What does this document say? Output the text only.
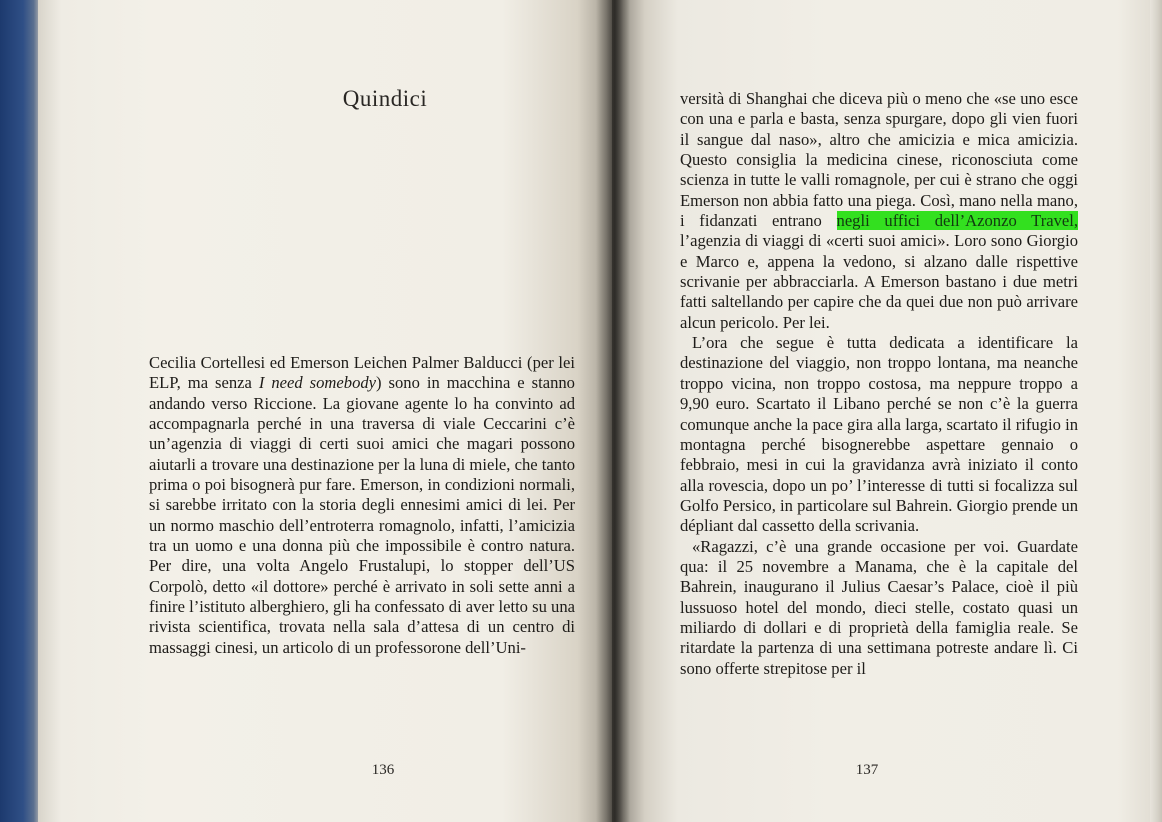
Quindici

Cecilia Cortellesi ed Emerson Leichen Palmer Balducci (per lei ELP, ma senza I need somebody) sono in macchina e stanno andando verso Riccione. La giovane agente lo ha convinto ad accompagnarla perché in una traversa di viale Ceccarini c’è un’agenzia di viaggi di certi suoi amici che magari possono aiutarli a trovare una destinazione per la luna di miele, che tanto prima o poi bisognerà pur fare. Emerson, in condizioni normali, si sarebbe irritato con la storia degli ennesimi amici di lei. Per un normo maschio dell’entroterra romagnolo, infatti, l’amicizia tra un uomo e una donna più che impossibile è contro natura. Per dire, una volta Angelo Frustalupi, lo stopper dell’US Corpolò, detto «il dottore» perché è arrivato in soli sette anni a finire l’istituto alberghiero, gli ha confessato di aver letto su una rivista scientifica, trovata nella sala d’attesa di un centro di massaggi cinesi, un articolo di un professorone dell’Uni-

136

versità di Shanghai che diceva più o meno che «se uno esce con una e parla e basta, senza spurgare, dopo gli vien fuori il sangue dal naso», altro che amicizia e mica amicizia. Questo consiglia la medicina cinese, riconosciuta come scienza in tutte le valli romagnole, per cui è strano che oggi Emerson non abbia fatto una piega. Così, mano nella mano, i fidanzati entrano negli uffici dell’Azonzo Travel, l’agenzia di viaggi di «certi suoi amici». Loro sono Giorgio e Marco e, appena la vedono, si alzano dalle rispettive scrivanie per abbracciarla. A Emerson bastano i due metri fatti saltellando per capire che da quei due non può arrivare alcun pericolo. Per lei.

L’ora che segue è tutta dedicata a identificare la destinazione del viaggio, non troppo lontana, ma neanche troppo vicina, non troppo costosa, ma neppure troppo a 9,90 euro. Scartato il Libano perché se non c’è la guerra comunque anche la pace gira alla larga, scartato il rifugio in montagna perché bisognerebbe aspettare gennaio o febbraio, mesi in cui la gravidanza avrà iniziato il conto alla rovescia, dopo un po’ l’interesse di tutti si focalizza sul Golfo Persico, in particolare sul Bahrein. Giorgio prende un dépliant dal cassetto della scrivania.

«Ragazzi, c’è una grande occasione per voi. Guardate qua: il 25 novembre a Manama, che è la capitale del Bahrein, inaugurano il Julius Caesar’s Palace, cioè il più lussuoso hotel del mondo, dieci stelle, costato quasi un miliardo di dollari e di proprietà della famiglia reale. Se ritardate la partenza di una settimana potreste andare lì. Ci sono offerte strepitose per il

137
